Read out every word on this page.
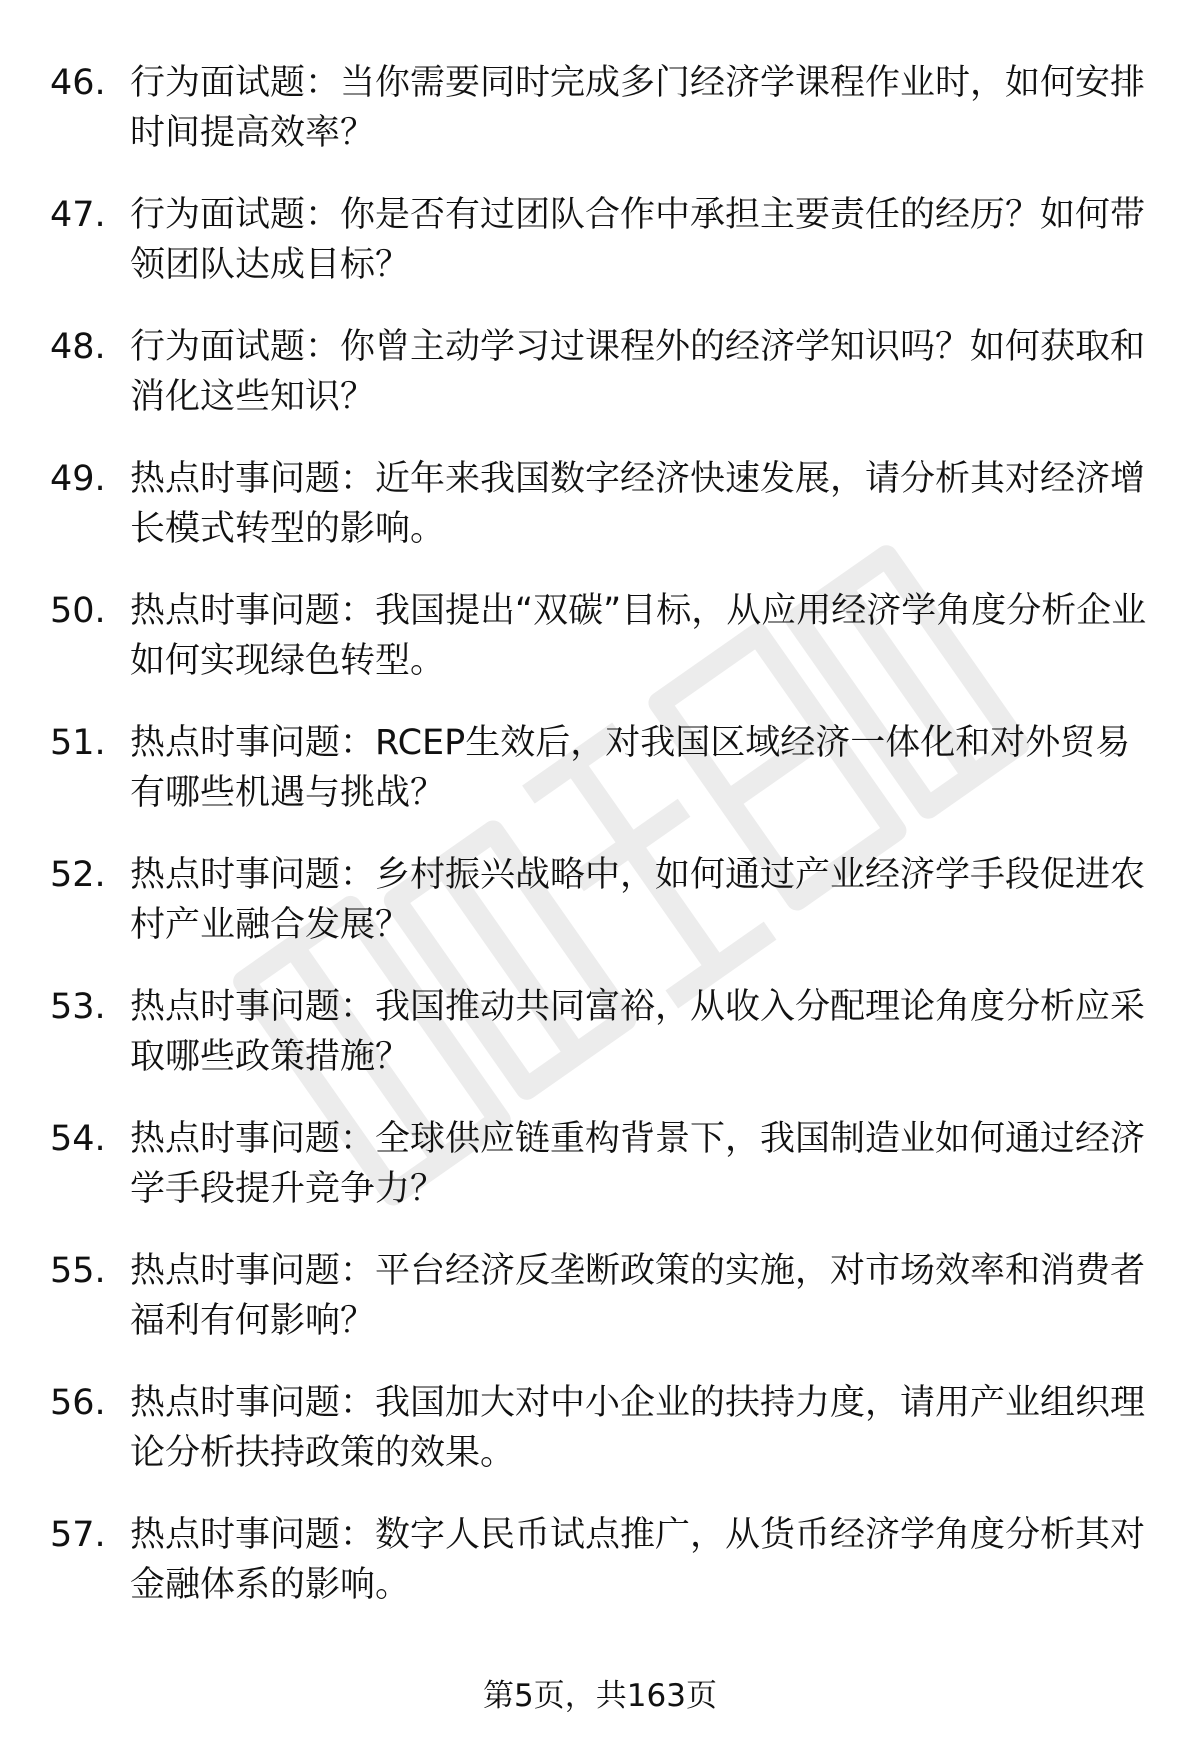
46. 行为面试题：当你需要同时完成多门经济学课程作业时，如何安排时间提高效率？
47. 行为面试题：你是否有过团队合作中承担主要责任的经历？如何带领团队达成目标？
48. 行为面试题：你曾主动学习过课程外的经济学知识吗？如何获取和消化这些知识？
49. 热点时事问题：近年来我国数字经济快速发展，请分析其对经济增长模式转型的影响。
50. 热点时事问题：我国提出“双碳”目标，从应用经济学角度分析企业如何实现绿色转型。
51. 热点时事问题：RCEP生效后，对我国区域经济一体化和对外贸易有哪些机遇与挑战？
52. 热点时事问题：乡村振兴战略中，如何通过产业经济学手段促进农村产业融合发展？
53. 热点时事问题：我国推动共同富裕，从收入分配理论角度分析应采取哪些政策措施？
54. 热点时事问题：全球供应链重构背景下，我国制造业如何通过经济学手段提升竞争力？
55. 热点时事问题：平台经济反垄断政策的实施，对市场效率和消费者福利有何影响？
56. 热点时事问题：我国加大对中小企业的扶持力度，请用产业组织理论分析扶持政策的效果。
57. 热点时事问题：数字人民币试点推广，从货币经济学角度分析其对金融体系的影响。
第5页，共163页
